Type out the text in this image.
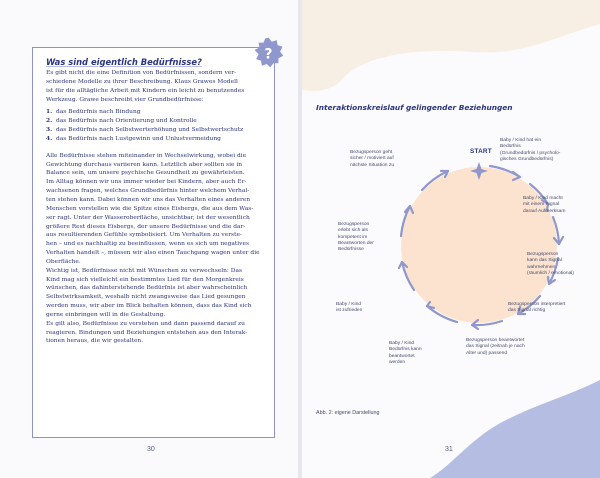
Was sind eigentlich Bedürfnisse?

Es gibt nicht die eine Definition von Bedürfnissen, sondern ver-

schiedene Modelle zu ihrer Beschreibung. Klaus Grawes Modell

ist für die alltägliche Arbeit mit Kindern ein leicht zu benutzendes

Werkzeug. Grawe beschreibt vier Grundbedürfnisse:

1. das Bedürfnis nach Bindung
2. das Bedürfnis nach Orientierung und Kontrolle
3. das Bedürfnis nach Selbstwerterhöhung und Selbstwertschutz
4. das Bedürfnis nach Lustgewinn und Unlustvermeidung

Alle Bedürfnisse stehen miteinander in Wechselwirkung, wobei die

Gewichtung durchaus variieren kann. Letztlich aber sollten sie in

Balance sein, um unsere psychische Gesundheit zu gewährleisten.

Im Alltag können wir uns immer wieder bei Kindern, aber auch Er-

wachsenen fragen, welches Grundbedürfnis hinter welchem Verhal-

ten stehen kann. Dabei können wir uns das Verhalten eines anderen

Menschen vorstellen wie die Spitze eines Eisbergs, die aus dem Was-

ser ragt. Unter der Wasseroberfläche, unsichtbar, ist der wesentlich

größere Rest dieses Eisbergs, der unsere Bedürfnisse und die dar-

aus resultierenden Gefühle symbolisiert. Um Verhalten zu verste-

hen – und es nachhaltig zu beeinflussen, wenn es sich um negatives

Verhalten handelt –, müssen wir also einen Tauchgang wagen unter die

Oberfläche.

Wichtig ist, Bedürfnisse nicht mit Wünschen zu verwechseln: Das

Kind mag sich vielleicht ein bestimmtes Lied für den Morgenkreis

wünschen, das dahinterstehende Bedürfnis ist aber wahrscheinlich

Selbstwirksamkeit, weshalb nicht zwangsweise das Lied gesungen

werden muss, wir aber im Blick behalten können, dass das Kind sich

gerne einbringen will in die Gestaltung.

Es gilt also, Bedürfnisse zu verstehen und dann passend darauf zu

reagieren. Bindungen und Beziehungen entstehen aus den Interak-

tionen heraus, die wir gestalten.

?
30
Interaktionskreislauf gelingender Beziehungen
START
Baby / Kind hat ein
Bedürfnis
(Grundbedürfnis / psycholo-
gisches Grundbedürfnis)
Baby / Kind macht
mit einem Signal
darauf Aufmerksam
Bezugsperson
kann das Signal
wahrnehmen
(räumlich / emotional)
Bezugsperson interpretiert
das Signal richtig
Bezugsperson beantwortet
das Signal (zeitnah je nach
Alter und) passend
Baby / Kind
Bedürfnis kann
beantwortet
werden
Baby / Kind
ist zufrieden
Bezugsperson
erlebt sich als
kompetent im
Beantworten der
Bedürfnisse
Bezugsperson geht
sicher / motiviert auf
nächste Situation zu
Abb. 2: eigene Darstellung
31
